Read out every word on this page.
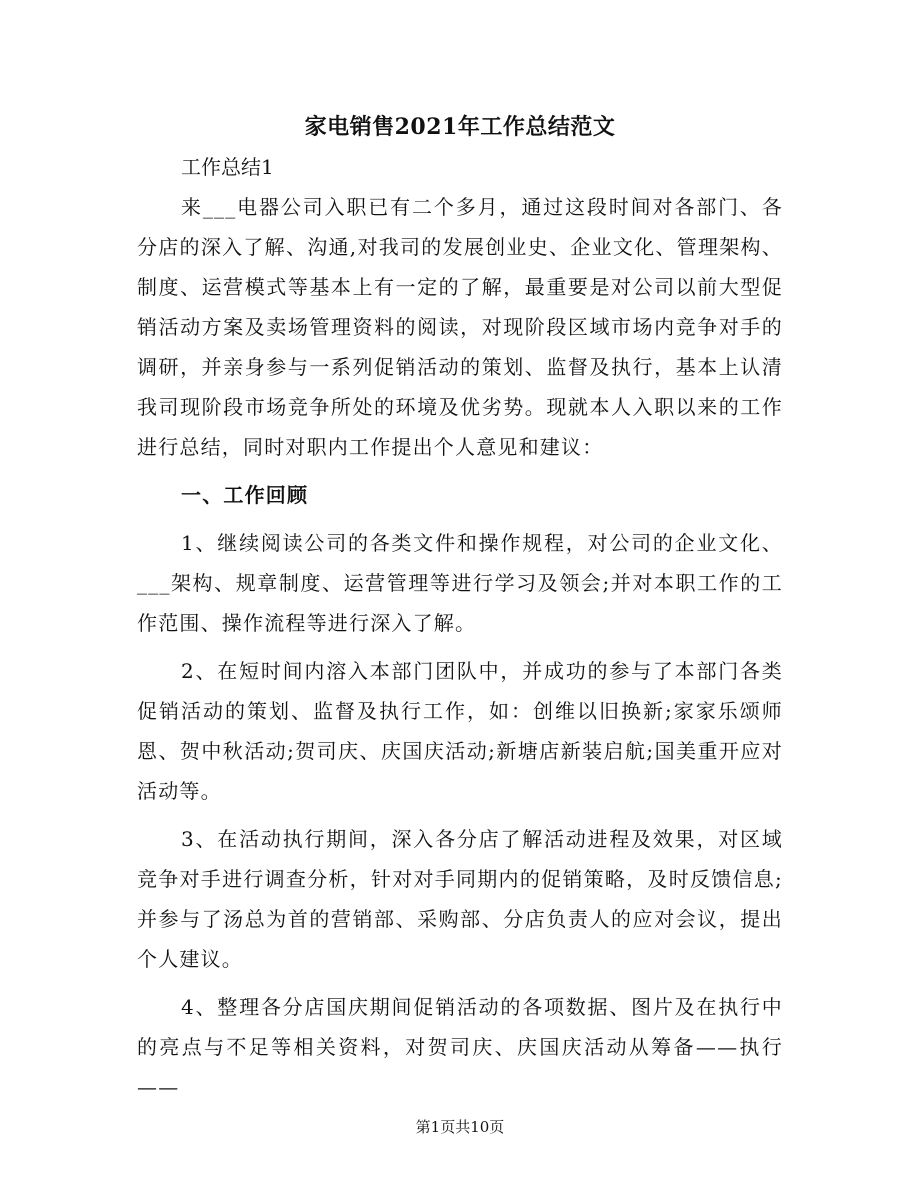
家电销售2021年工作总结范文
工作总结1

来___电器公司入职已有二个多月，通过这段时间对各部门、各分店的深入了解、沟通,对我司的发展创业史、企业文化、管理架构、制度、运营模式等基本上有一定的了解，最重要是对公司以前大型促销活动方案及卖场管理资料的阅读，对现阶段区域市场内竞争对手的调研，并亲身参与一系列促销活动的策划、监督及执行，基本上认清我司现阶段市场竞争所处的环境及优劣势。现就本人入职以来的工作进行总结，同时对职内工作提出个人意见和建议：

一、工作回顾

1、继续阅读公司的各类文件和操作规程，对公司的企业文化、___架构、规章制度、运营管理等进行学习及领会;并对本职工作的工作范围、操作流程等进行深入了解。

2、在短时间内溶入本部门团队中，并成功的参与了本部门各类促销活动的策划、监督及执行工作，如：创维以旧换新;家家乐颂师恩、贺中秋活动;贺司庆、庆国庆活动;新塘店新装启航;国美重开应对活动等。

3、在活动执行期间，深入各分店了解活动进程及效果，对区域竞争对手进行调查分析，针对对手同期内的促销策略，及时反馈信息;并参与了汤总为首的营销部、采购部、分店负责人的应对会议，提出个人建议。

4、整理各分店国庆期间促销活动的各项数据、图片及在执行中的亮点与不足等相关资料，对贺司庆、庆国庆活动从筹备——执行——

第1页共10页
